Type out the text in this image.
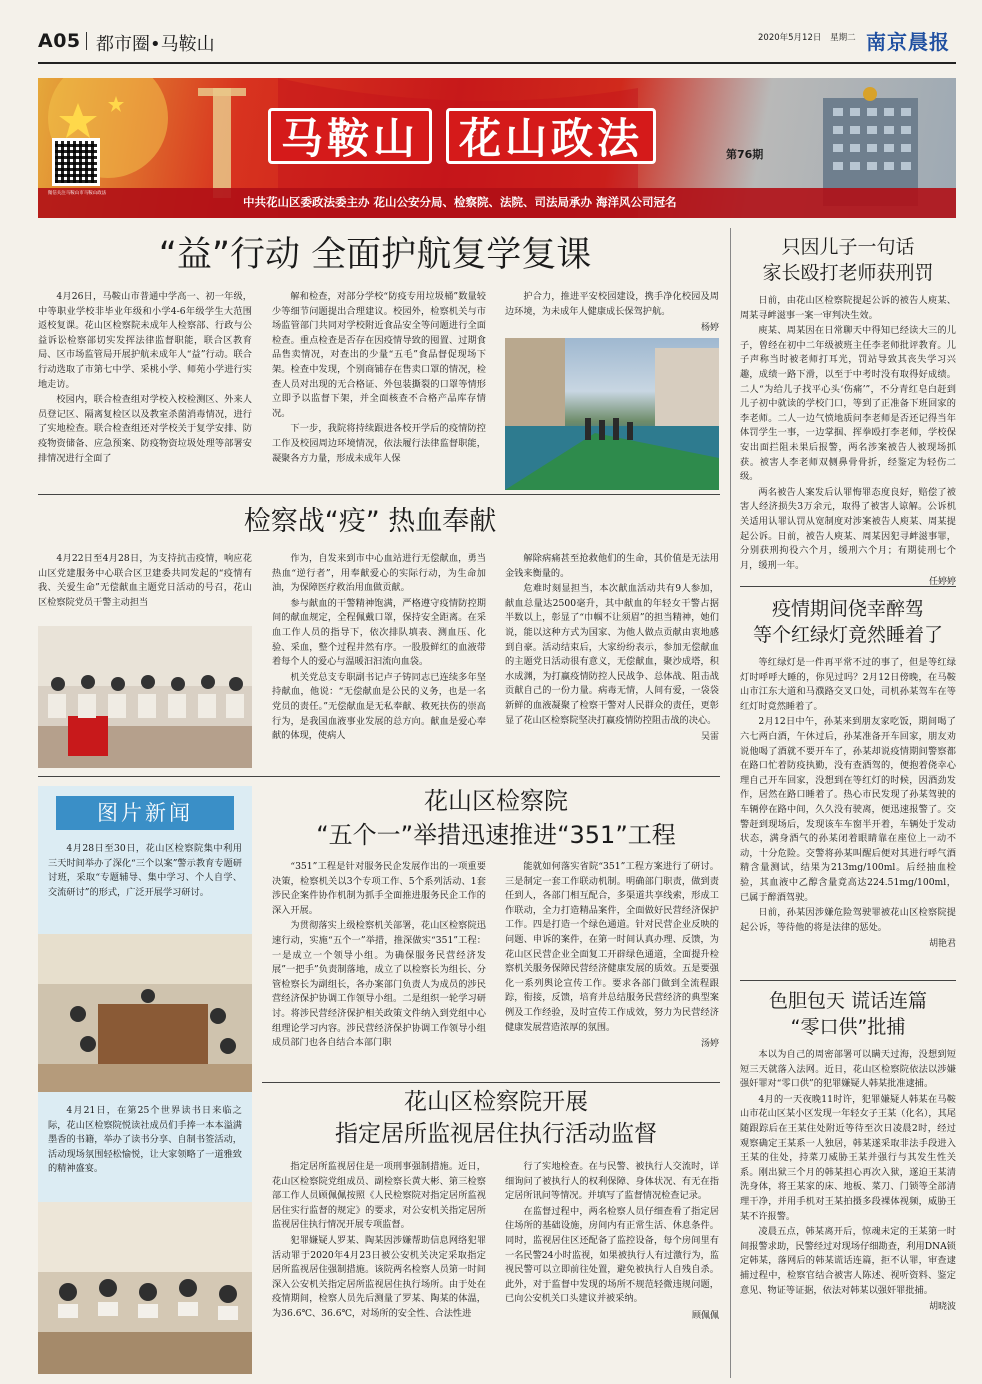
A05 都市圈•马鞍山	2020年5月12日 星期二 南京晨报
微信关注马鞍山市马鞍山政法
马鞍山 花山政法	第76期
中共花山区委政法委主办 花山公安分局、检察院、法院、司法局承办 海洋风公司冠名
“益”行动 全面护航复学复课

4月26日，马鞍山市普通中学高一、初一年级，中等职业学校非毕业年级和小学4-6年级学生大范围返校复课。花山区检察院未成年人检察部、行政与公益诉讼检察部切实发挥法律监督职能，联合区教育局、区市场监管局开展护航未成年人“益”行动。联合行动选取了市第七中学、采桃小学、师苑小学进行实地走访。

校园内，联合检查组对学校入校检测区、外来人员登记区、隔离复检区以及教室杀菌消毒情况，进行了实地检查。联合检查组还对学校关于复学安排、防疫物资储备、应急预案、防疫物资垃圾处理等部署安排情况进行全面了

解和检查，对部分学校“防疫专用垃圾桶”数量较少等细节问题提出合理建议。校园外，检察机关与市场监管部门共同对学校附近食品安全等问题进行全面检查。重点检查是否存在因疫情导致的囤置、过期食品售卖情况，对查出的少量“五毛”食品督促现场下架。检查中发现，个别商铺存在售卖口罩的情况，检查人员对出现的无合格证、外包装撕裂的口罩等情形立即予以监督下架，并全面核查不合格产品库存情况。

下一步，我院将持续跟进各校开学后的疫情防控工作及校园周边环境情况，依法履行法律监督职能，凝聚各方力量，形成未成年人保

护合力，推进平安校园建设，携手净化校园及周边环境，为未成年人健康成长保驾护航。

杨婷

检察战“疫” 热血奉献

4月22日至4月28日，为支持抗击疫情，响应花山区党建服务中心联合区卫建委共同发起的“疫情有我、关爱生命”无偿献血主题党日活动的号召，花山区检察院党员干警主动担当

作为，自发来到市中心血站进行无偿献血，勇当热血“逆行者”，用奉献爱心的实际行动，为生命加油，为保障医疗救治用血做贡献。

参与献血的干警精神饱满，严格遵守疫情防控期间的献血规定，全程佩戴口罩，保持安全距离。在采血工作人员的指导下，依次排队填表、测血压、化验、采血，整个过程井然有序。一股股鲜红的血液带着每个人的爱心与温暖汩汩流向血袋。

机关党总支专职副书记卢子铸同志已连续多年坚持献血，他说：“无偿献血是公民的义务，也是一名党员的责任。”无偿献血是无私奉献、救死扶伤的崇高行为，是我国血液事业发展的总方向。献血是爱心奉献的体现，使病人

解除病痛甚至抢救他们的生命，其价值是无法用金钱来衡量的。

危难时刻显担当，本次献血活动共有9人参加，献血总量达2500毫升，其中献血的年轻女干警占据半数以上，彰显了“巾帼不让须眉”的担当精神，她们说，能以这种方式为国家、为他人做点贡献由衷地感到自豪。活动结束后，大家纷纷表示，参加无偿献血的主题党日活动很有意义，无偿献血，聚沙成塔，积水成渊，为打赢疫情防控人民战争、总体战、阻击战贡献自己的一份力量。病毒无情，人间有爱，一袋袋新鲜的血液凝聚了检察干警对人民群众的责任，更彰显了花山区检察院坚决打赢疫情防控阻击战的决心。

吴雷

图片新闻

4月28日至30日，花山区检察院集中利用三天时间举办了深化“三个以案”警示教育专题研讨班，采取“专题辅导、集中学习、个人自学、交流研讨”的形式，广泛开展学习研讨。

4月21日，在第25个世界读书日来临之际，花山区检察院悦读社成员们手捧一本本溢满墨香的书籍，举办了读书分享、自制书签活动，活动现场氛围轻松愉悦，让大家领略了一道雅致的精神盛宴。

花山区检察院
“五个一”举措迅速推进“351”工程

“351”工程是针对服务民企发展作出的一项重要决策，检察机关以3个专项工作、5个系列活动、1套涉民企案件协作机制为抓手全面推进服务民企工作的深入开展。

为贯彻落实上级检察机关部署，花山区检察院迅速行动，实施“五个一”举措，推深做实“351”工程：一是成立一个领导小组。为确保服务民营经济发展”一把手”负责制落地，成立了以检察长为组长、分管检察长为副组长，各办案部门负责人为成员的涉民营经济保护协调工作领导小组。二是组织一轮学习研讨。将涉民营经济保护相关政策文件纳入到党组中心组理论学习内容。涉民营经济保护协调工作领导小组成员部门也各自结合本部门职

能就如何落实省院“351”工程方案进行了研讨。三是制定一套工作联动机制。明确部门职责，做到责任到人，各部门相互配合，多渠道共享线索，形成工作联动，全力打造精品案件，全面做好民营经济保护工作。四是打造一个绿色通道。针对民营企业反映的问题、申诉的案件，在第一时间认真办理、反馈，为花山区民营企业全面复工开辟绿色通道，全面提升检察机关服务保障民营经济健康发展的质效。五是要强化一系列舆论宣传工作。要求各部门做到全流程跟踪，衔接，反馈，培育并总结服务民营经济的典型案例及工作经验，及时宣传工作成效，努力为民营经济健康发展营造浓厚的氛围。

汤婷

花山区检察院开展
指定居所监视居住执行活动监督

指定居所监视居住是一项刑事强制措施。近日，花山区检察院党组成员、副检察长黄大彬、第三检察部工作人员顾佩佩按照《人民检察院对指定居所监视居住实行监督的规定》的要求，对公安机关指定居所监视居住执行情况开展专项监督。

犯罪嫌疑人罗某、陶某因涉嫌帮助信息网络犯罪活动罪于2020年4月23日被公安机关决定采取指定居所监视居住强制措施。该院两名检察人员第一时间深入公安机关指定居所监视居住执行场所。由于处在疫情期间，检察人员先后测量了罗某、陶某的体温，为36.6℃、36.6℃，对场所的安全性、合法性进

行了实地检查。在与民警、被执行人交流时，详细询问了被执行人的权利保障、身体状况、有无在指定居所讯问等情况。并填写了监督情况检查记录。

在监督过程中，两名检察人员仔细查看了指定居住场所的基础设施，房间内有正常生活、休息条件。同时，监视居住区还配备了监控设备，每个房间里有一名民警24小时监视，如果被执行人有过激行为，监视民警可以立即前往处置，避免被执行人自残自杀。此外，对于监督中发现的场所不规范轻微违规问题，已向公安机关口头建议并被采纳。

顾佩佩

只因儿子一句话
家长殴打老师获刑罚

日前，由花山区检察院提起公诉的被告人庾某、周某寻衅滋事一案一审判决生效。

庾某、周某因在日常聊天中得知已经读大三的儿子，曾经在初中二年级被班主任李老师批评教育。儿子声称当时被老师打耳光，罚站导致其丧失学习兴趣，成绩一路下滑，以至于中考时没有取得好成绩。二人“为给儿子找平心头‘伤痛’”，不分青红皂白赶到儿子初中就读的学校门口，等到了正准备下班回家的李老师。二人一边气愤地质问李老师是否还记得当年体罚学生一事，一边掌掴、挥拳殴打李老师，学校保安出面拦阻未果后报警，两名涉案被告人被现场抓获。被害人李老师双侧鼻骨骨折，经鉴定为轻伤二级。

两名被告人案发后认罪悔罪态度良好，赔偿了被害人经济损失3万余元，取得了被害人谅解。公诉机关适用认罪认罚从宽制度对涉案被告人庾某、周某提起公诉。日前，被告人庾某、周某因犯寻衅滋事罪，分别获刑拘役六个月，缓刑六个月；有期徒刑七个月，缓刑一年。

任婷婷

疫情期间侥幸醉驾
等个红绿灯竟然睡着了

等红绿灯是一件再平常不过的事了，但是等红绿灯时呼呼大睡的，你见过吗？2月12日傍晚，在马鞍山市江东大道和马濮路交叉口处，司机孙某驾车在等红灯时竟然睡着了。

2月12日中午，孙某来到朋友家吃饭，期间喝了六七两白酒，午休过后，孙某准备开车回家，朋友劝说他喝了酒就不要开车了，孙某却说疫情期间警察都在路口忙着防疫执勤，没有查酒驾的，便抱着侥幸心理自己开车回家，没想到在等红灯的时候，因酒劲发作，居然在路口睡着了。热心市民发现了孙某驾驶的车辆停在路中间，久久没有驶离，便迅速报警了。交警赶到现场后，发现该车车窗半开着，车辆处于发动状态，满身酒气的孙某闭着眼睛靠在座位上一动不动，十分危险。交警将孙某叫醒后便对其进行呼气酒精含量测试，结果为213mg/100ml。后经抽血检验，其血液中乙醇含量竟高达224.51mg/100ml，已属于醉酒驾驶。

日前，孙某因涉嫌危险驾驶罪被花山区检察院提起公诉，等待他的将是法律的惩处。

胡艳君

色胆包天 谎话连篇
“零口供”批捕

本以为自己的周密部署可以瞒天过海，没想到短短三天就落入法网。近日，花山区检察院依法以涉嫌强奸罪对“零口供”的犯罪嫌疑人韩某批准逮捕。

4月的一天夜晚11时许，犯罪嫌疑人韩某在马鞍山市花山区某小区发现一年轻女子王某（化名），其尾随跟踪后在王某住处附近等待至次日凌晨2时，经过观察确定王某系一人独居，韩某遂采取非法手段进入王某的住处，持菜刀威胁王某并强行与其发生性关系。刚出狱三个月的韩某担心再次入狱，遂迫王某清洗身体，将王某家的床、地板、菜刀、门锁等全部清理干净，并用手机对王某拍摄多段裸体视频，威胁王某不许报警。

凌晨五点，韩某离开后，惊魂未定的王某第一时间报警求助，民警经过对现场仔细勘查，利用DNA锁定韩某，落网后的韩某谎话连篇，拒不认罪，审查逮捕过程中，检察官结合被害人陈述、视听资料、鉴定意见、物证等证据，依法对韩某以强奸罪批捕。

胡晓波
